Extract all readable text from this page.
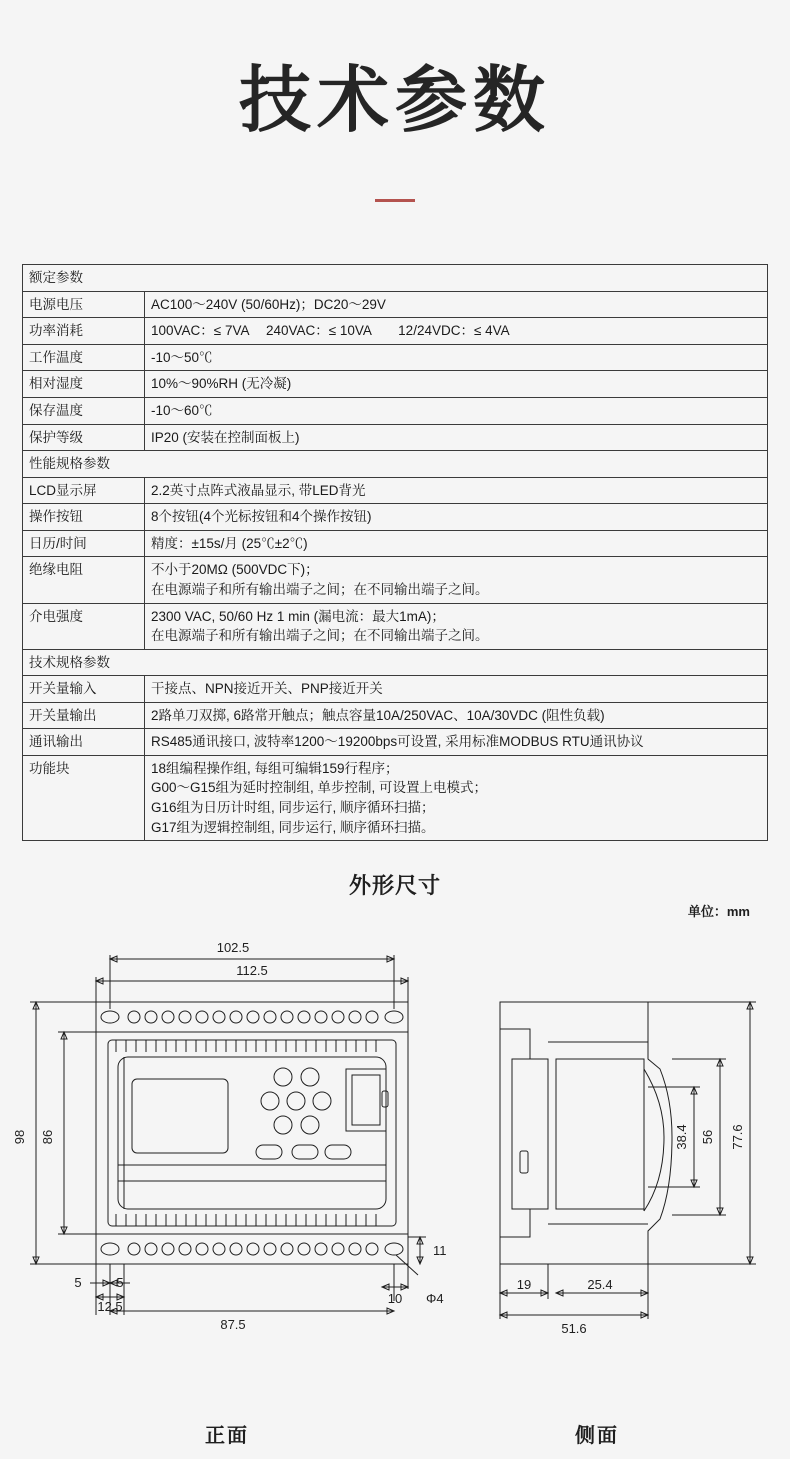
技术参数
额定参数	
电源电压	AC100～240V (50/60Hz)；DC20～29V

功率消耗	100VAC：≤ 7VA　 240VAC：≤ 10VA　　12/24VDC：≤ 4VA

工作温度	-10～50℃

相对湿度	10%～90%RH (无冷凝)

保存温度	-10～60℃

保护等级	IP20 (安装在控制面板上)

性能规格参数	
LCD显示屏	2.2英寸点阵式液晶显示, 带LED背光

操作按钮	8个按钮(4个光标按钮和4个操作按钮)

日历/时间	精度：±15s/月 (25℃±2℃)

绝缘电阻	不小于20MΩ (500VDC下)；
在电源端子和所有输出端子之间；在不同输出端子之间。

介电强度	2300 VAC, 50/60 Hz 1 min (漏电流：最大1mA)；
在电源端子和所有输出端子之间；在不同输出端子之间。

技术规格参数	
开关量输入	干接点、NPN接近开关、PNP接近开关

开关量输出	2路单刀双掷, 6路常开触点；触点容量10A/250VAC、10A/30VDC (阻性负载)

通讯输出	RS485通讯接口, 波特率1200～19200bps可设置, 采用标准MODBUS RTU通讯协议

功能块	18组编程操作组, 每组可编辑159行程序；
G00～G15组为延时控制组, 单步控制, 可设置上电模式；
G16组为日历计时组, 同步运行, 顺序循环扫描；
G17组为逻辑控制组, 同步运行, 顺序循环扫描。
外形尺寸
单位：mm
102.5
112.5
98 86
5	5
12.5
87.5
11
10 Φ4
38.4 56 77.6
19	25.4
51.6
正面	侧面
